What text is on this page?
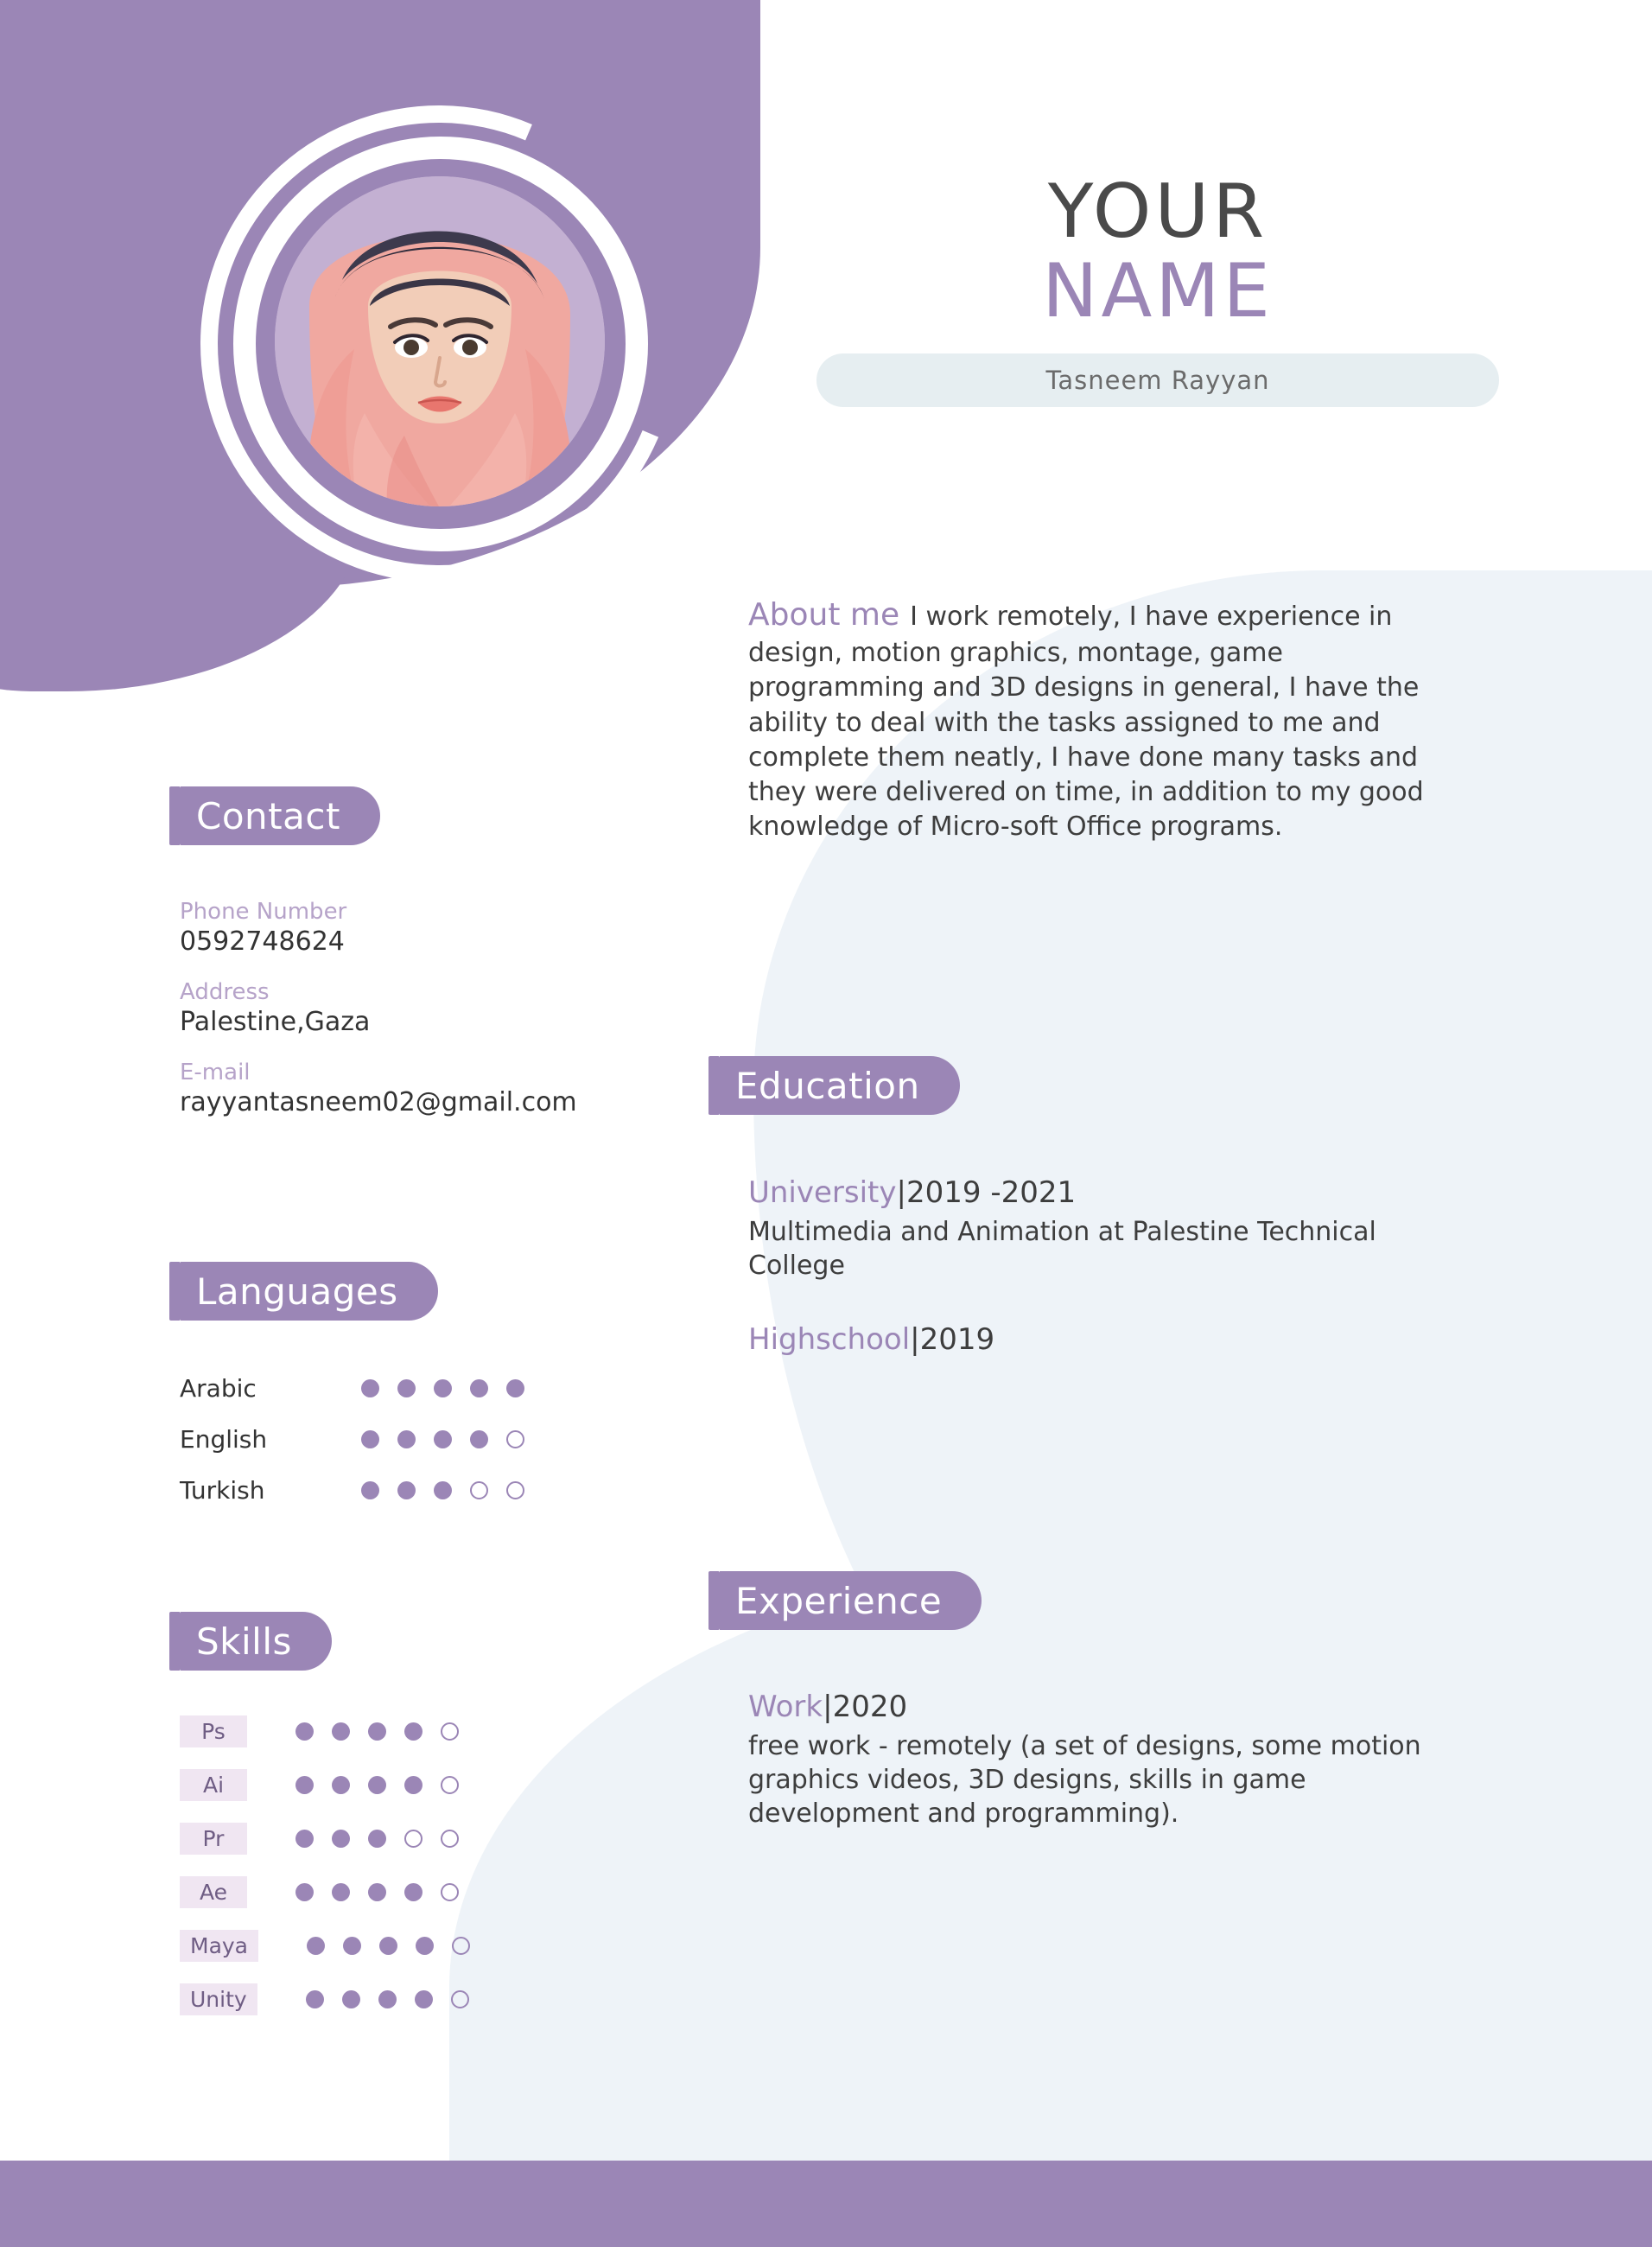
YOUR
NAME
Tasneem Rayyan
About me I work remotely, I have experience in design, motion graphics, montage, game programming and 3D designs in general, I have the ability to deal with the tasks assigned to me and complete them neatly, I have done many tasks and they were delivered on time, in addition to my good knowledge of Micro-soft Office programs.
Contact
Phone Number
0592748624
Address
Palestine,Gaza
E-mail
rayyantasneem02@gmail.com
Languages
Arabic
English
Turkish
Skills
Ps
Ai
Pr
Ae
Maya
Unity
Education
University|2019 -2021
Multimedia and Animation at Palestine Technical College
Highschool|2019
Experience
Work|2020
free work - remotely (a set of designs, some motion graphics videos, 3D designs, skills in game development and programming).
